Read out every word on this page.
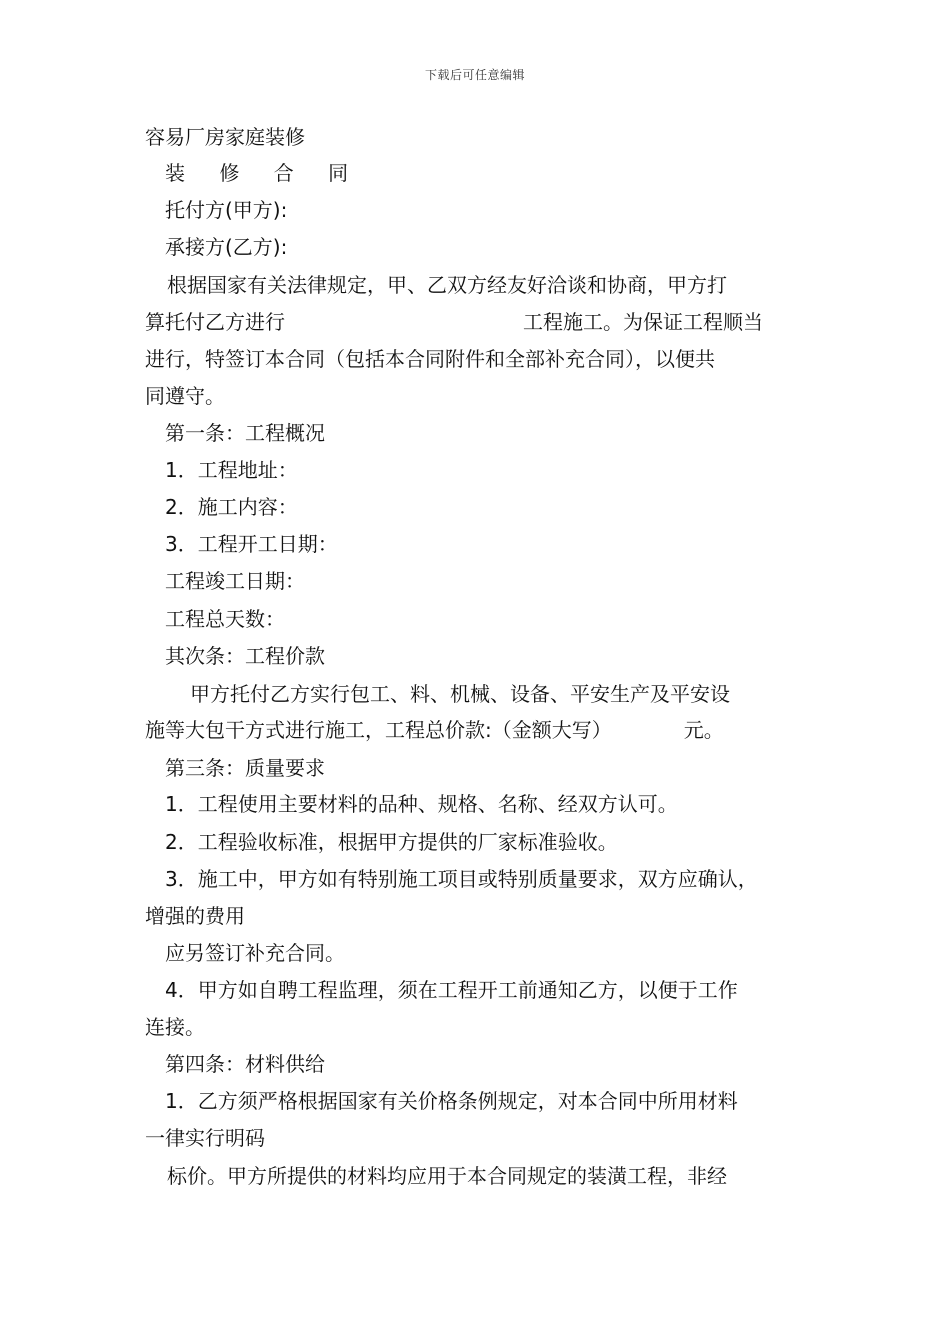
下载后可任意编辑
容易厂房家庭装修
装 修 合 同
托付方(甲方):
承接方(乙方):
根据国家有关法律规定，甲、乙双方经友好洽谈和协商，甲方打
算托付乙方进行	工程施工。为保证工程顺当
进行，特签订本合同（包括本合同附件和全部补充合同），以便共
同遵守。
第一条：工程概况
1．工程地址：
2．施工内容：
3．工程开工日期：
工程竣工日期：
工程总天数：
其次条：工程价款
甲方托付乙方实行包工、料、机械、设备、平安生产及平安设
施等大包干方式进行施工，工程总价款:（金额大写）	元。
第三条：质量要求
1．工程使用主要材料的品种、规格、名称、经双方认可。
2．工程验收标准，根据甲方提供的厂家标准验收。
3．施工中，甲方如有特别施工项目或特别质量要求，双方应确认，
增强的费用
应另签订补充合同。
4．甲方如自聘工程监理，须在工程开工前通知乙方，以便于工作
连接。
第四条：材料供给
1．乙方须严格根据国家有关价格条例规定，对本合同中所用材料
一律实行明码
标价。甲方所提供的材料均应用于本合同规定的装潢工程，非经
